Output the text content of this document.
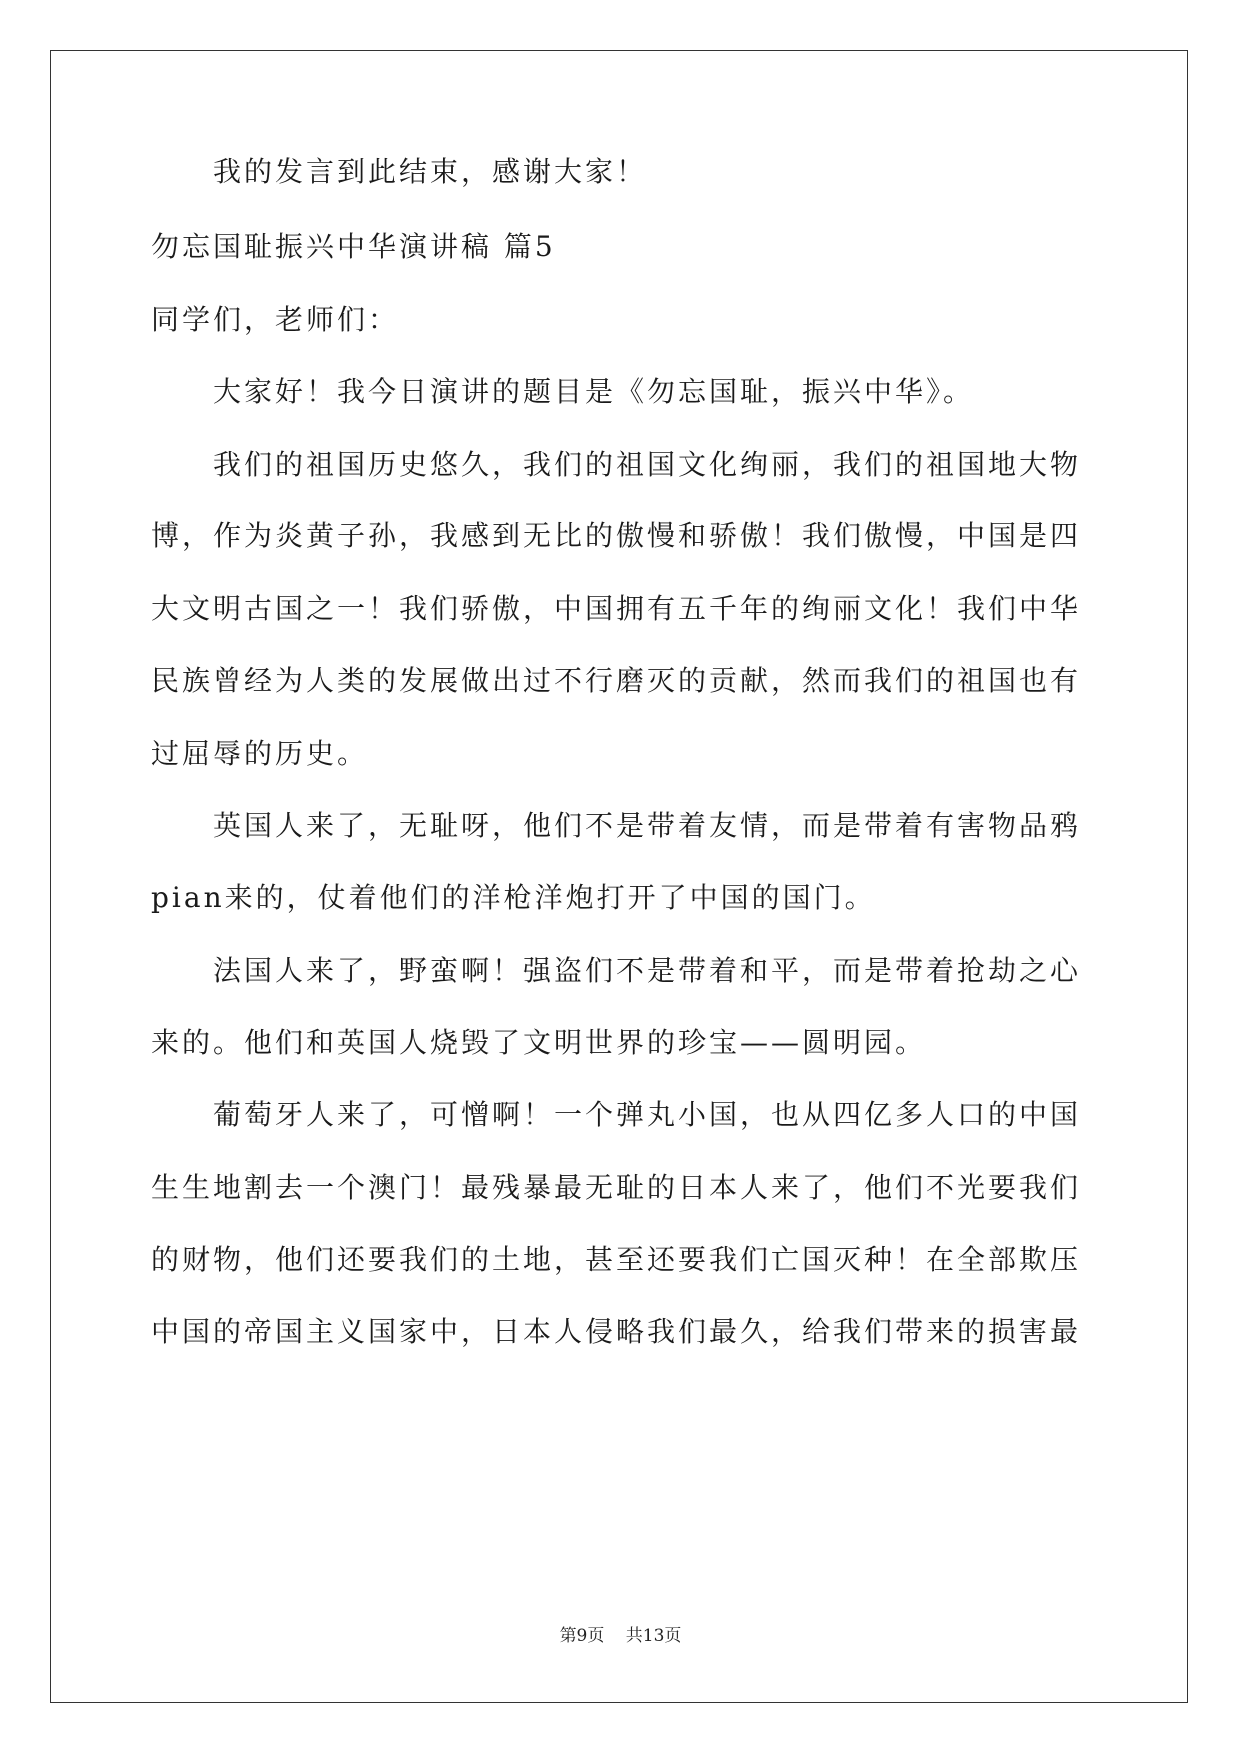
我的发言到此结束，感谢大家！
勿忘国耻振兴中华演讲稿 篇5
同学们，老师们：
大家好！我今日演讲的题目是《勿忘国耻，振兴中华》。
我们的祖国历史悠久，我们的祖国文化绚丽，我们的祖国地大物
博，作为炎黄子孙，我感到无比的傲慢和骄傲！我们傲慢，中国是四
大文明古国之一！我们骄傲，中国拥有五千年的绚丽文化！我们中华
民族曾经为人类的发展做出过不行磨灭的贡献，然而我们的祖国也有
过屈辱的历史。
英国人来了，无耻呀，他们不是带着友情，而是带着有害物品鸦
pian来的，仗着他们的洋枪洋炮打开了中国的国门。
法国人来了，野蛮啊！强盗们不是带着和平，而是带着抢劫之心
来的。他们和英国人烧毁了文明世界的珍宝——圆明园。
葡萄牙人来了，可憎啊！一个弹丸小国，也从四亿多人口的中国
生生地割去一个澳门！最残暴最无耻的日本人来了，他们不光要我们
的财物，他们还要我们的土地，甚至还要我们亡国灭种！在全部欺压
中国的帝国主义国家中，日本人侵略我们最久，给我们带来的损害最
第9页 共13页
